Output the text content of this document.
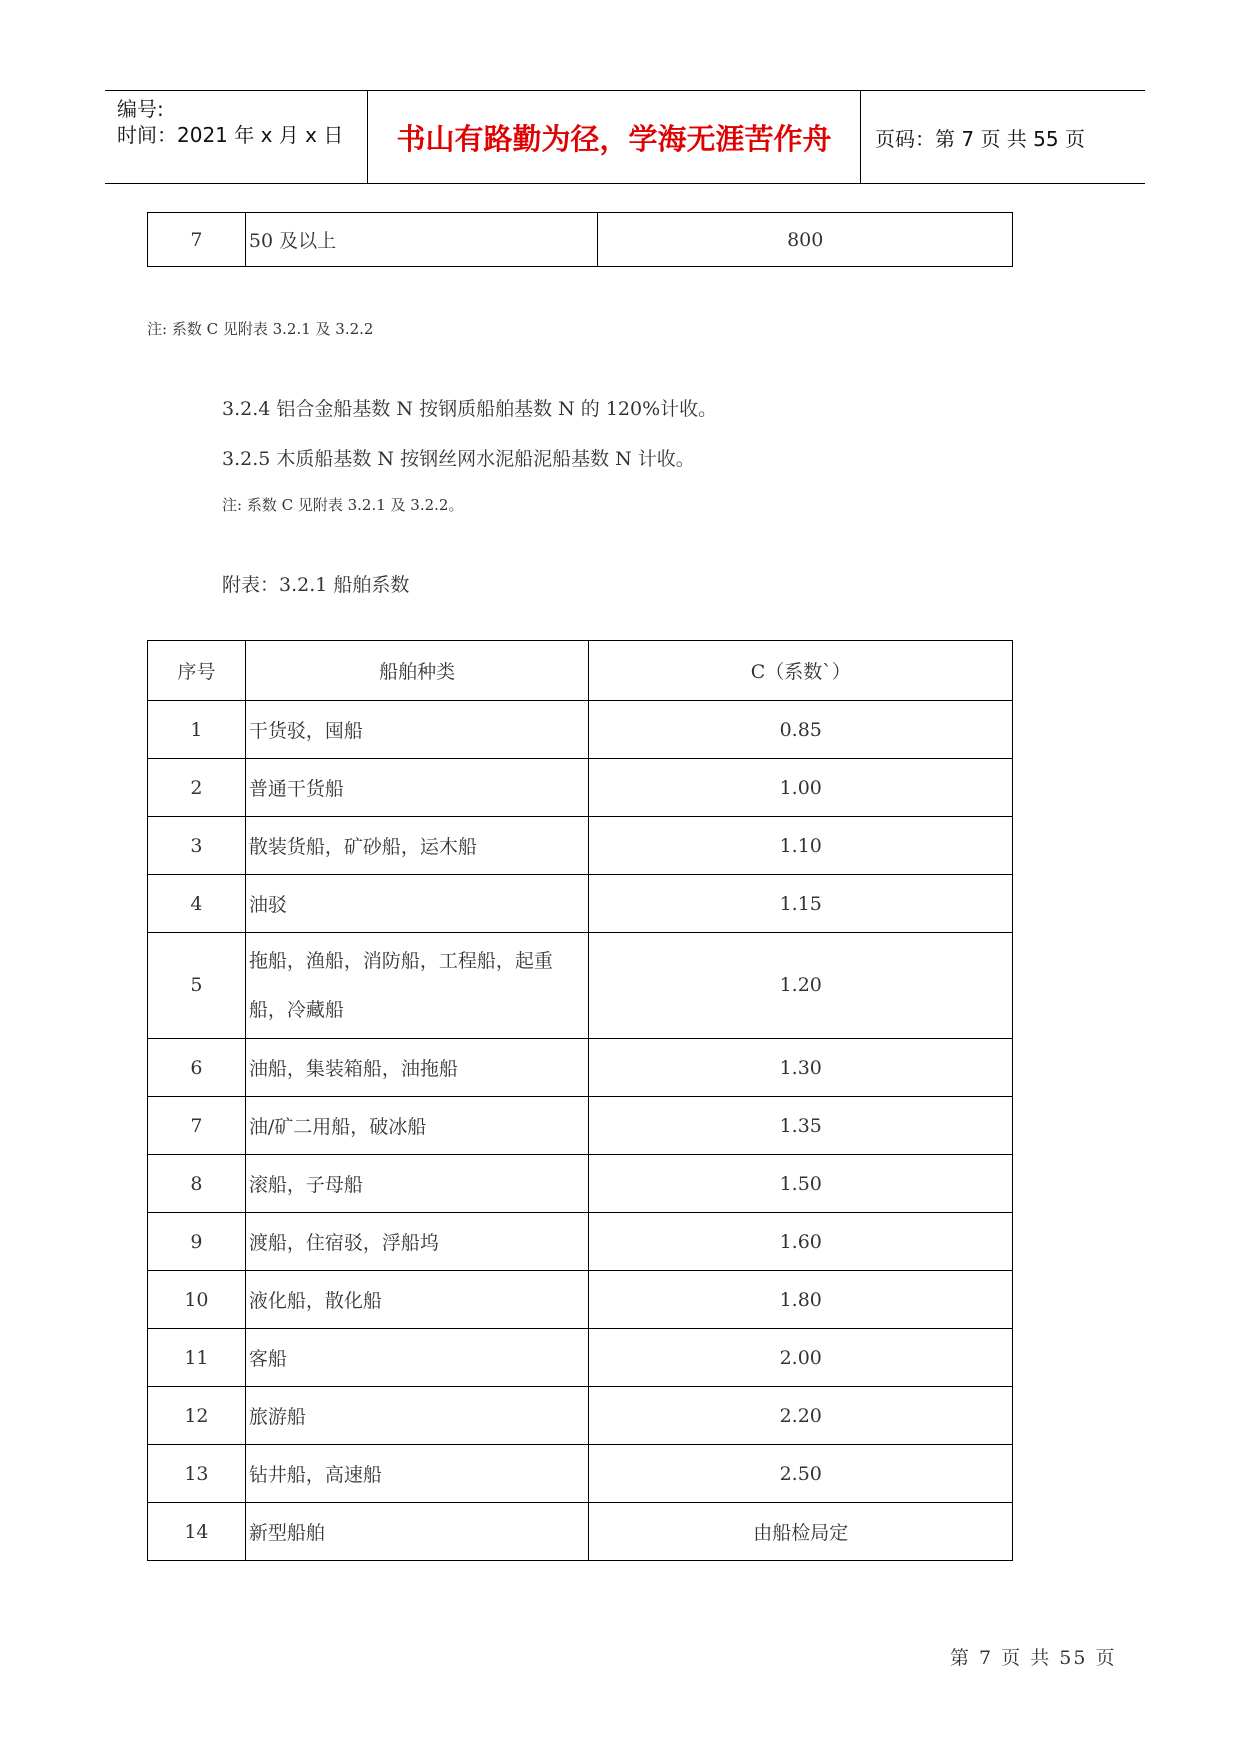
编号:
时间：2021 年 x 月 x 日	书山有路勤为径，学海无涯苦作舟	页码：第 7 页 共 55 页
7	50 及以上	800
注: 系数 C 见附表 3.2.1 及 3.2.2
3.2.4 铝合金船基数 N 按钢质船舶基数 N 的 120%计收。
3.2.5 木质船基数 N 按钢丝网水泥船泥船基数 N 计收。
注: 系数 C 见附表 3.2.1 及 3.2.2。
附表：3.2.1 船舶系数
序号	船舶种类	C（系数`）
1	干货驳，囤船	0.85
2	普通干货船	1.00
3	散装货船，矿砂船，运木船	1.10
4	油驳	1.15
5	拖船，渔船，消防船，工程船，起重船，冷藏船	1.20
6	油船，集装箱船，油拖船	1.30
7	油/矿二用船，破冰船	1.35
8	滚船，子母船	1.50
9	渡船，住宿驳，浮船坞	1.60
10	液化船，散化船	1.80
11	客船	2.00
12	旅游船	2.20
13	钻井船，高速船	2.50
14	新型船舶	由船检局定
第 7 页 共 55 页
